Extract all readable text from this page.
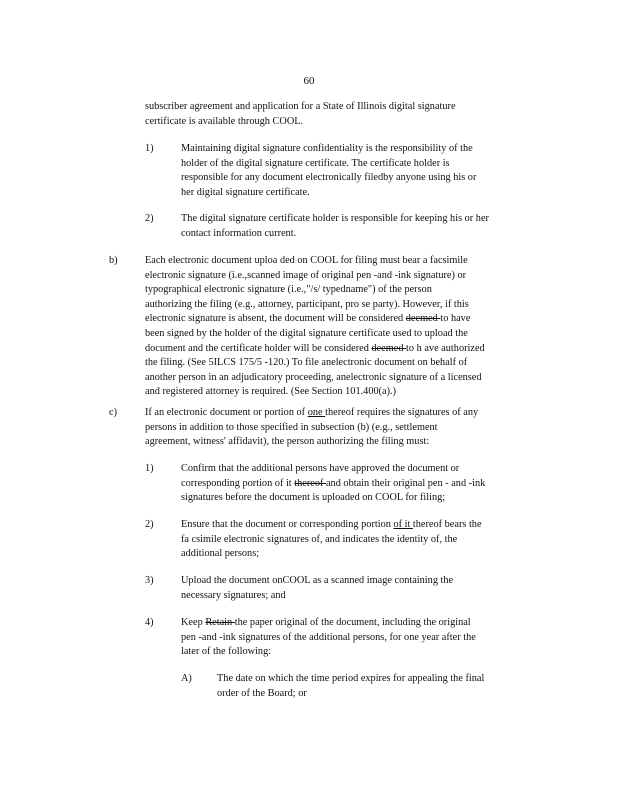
60

subscriber agreement and application for a State of Illinois digital signature
certificate is available through COOL.

1)	Maintaining digital signature confidentiality is the responsibility of the
holder of the digital signature certificate. The certificate holder is
responsible for any document electronically filedby anyone using his or
her digital signature certificate.

2)	The digital signature certificate holder is responsible for keeping his or her
contact information current.

b)	Each electronic document uploa ded on COOL for filing must bear a facsimile
electronic signature (i.e.,scanned image of original pen -and -ink signature) or
typographical electronic signature (i.e.,"/s/ typedname") of the person
authorizing the filing (e.g., attorney, participant, pro se party). However, if this
electronic signature is absent, the document will be considered deemed to have
been signed by the holder of the digital signature certificate used to upload the
document and the certificate holder will be considered deemed to h ave authorized
the filing. (See 5ILCS 175/5 -120.) To file anelectronic document on behalf of
another person in an adjudicatory proceeding, anelectronic signature of a licensed
and registered attorney is required. (See Section 101.400(a).)

c)	If an electronic document or portion of one thereof requires the signatures of any
persons in addition to those specified in subsection (b) (e.g., settlement
agreement, witness' affidavit), the person authorizing the filing must:

1)	Confirm that the additional persons have approved the document or
corresponding portion of it thereof and obtain their original pen - and -ink
signatures before the document is uploaded on COOL for filing;

2)	Ensure that the document or corresponding portion of it thereof bears the
fa csimile electronic signatures of, and indicates the identity of, the
additional persons;

3)	Upload the document onCOOL as a scanned image containing the
necessary signatures; and

4)	Keep Retain the paper original of the document, including the original
pen -and -ink signatures of the additional persons, for one year after the
later of the following:

A) The date on which the time period expires for appealing the final
order of the Board; or
